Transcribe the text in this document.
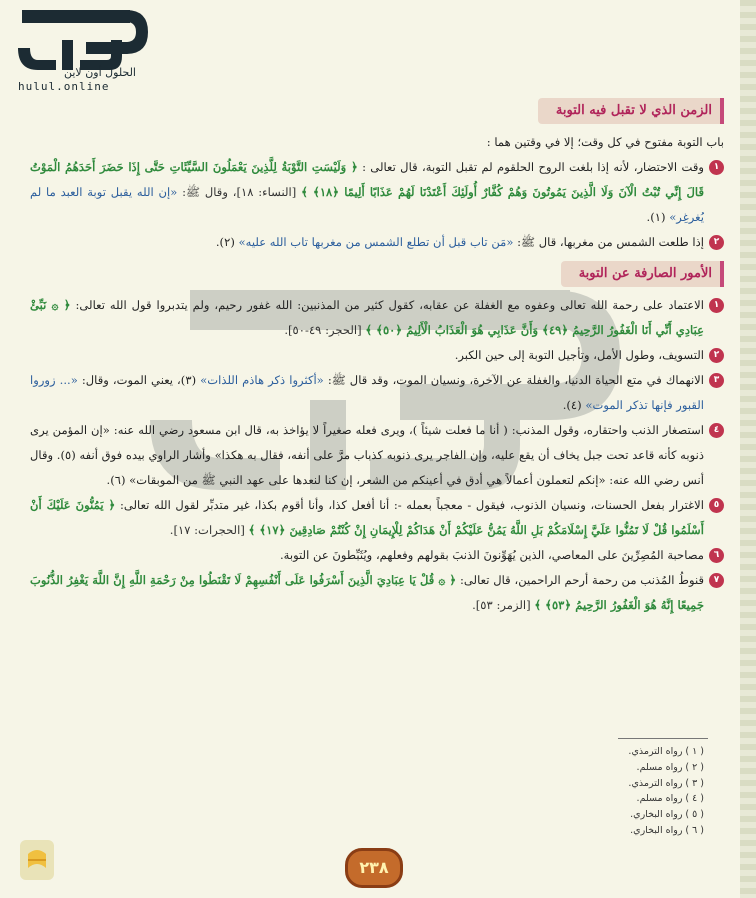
الحلول أون لاين
hulul.online
الزمن الذي لا تقبل فيه التوبة

باب التوبة مفتوح في كل وقت؛ إلا في وقتين هما :

١
وقت الاحتضار، لأنه إذا بلغت الروح الحلقوم لم تقبل التوبة، قال تعالى : ﴿ وَلَيْسَتِ التَّوْبَةُ لِلَّذِينَ يَعْمَلُونَ السَّيِّئَاتِ حَتَّى إِذَا حَضَرَ أَحَدَهُمُ الْمَوْتُ قَالَ إِنِّي تُبْتُ الْآنَ وَلَا الَّذِينَ يَمُوتُونَ وَهُمْ كُفَّارٌ أُولَئِكَ أَعْتَدْنَا لَهُمْ عَذَابًا أَلِيمًا ﴿١٨﴾ ﴾ [النساء: ١٨]، وقال ﷺ: «إن الله يقبل توبة العبد ما لم يُغرغِر» (١).

٢
إذا طلعت الشمس من مغربها، قال ﷺ: «مَن تاب قبل أن تطلع الشمس من مغربها تاب الله عليه» (٢).

الأمور الصارفة عن التوبة

١
الاعتماد على رحمة الله تعالى وعفوه مع الغفلة عن عقابه، كقول كثير من المذنبين: الله غفور رحيم، ولم يتدبروا قول الله تعالى: ﴿ ۞ نَبِّئْ عِبَادِي أَنِّي أَنَا الْغَفُورُ الرَّحِيمُ ﴿٤٩﴾ وَأَنَّ عَذَابِي هُوَ الْعَذَابُ الْأَلِيمُ ﴿٥٠﴾ ﴾ [الحجر: ٤٩-٥٠].

٢
التسويف، وطول الأمل، وتأجيل التوبة إلى حين الكبر.

٣
الانهماك في متع الحياة الدنيا، والغفلة عن الآخرة، ونسيان الموت، وقد قال ﷺ: «أكثروا ذكر هاذم اللذات» (٣)، يعني الموت، وقال: «... زوروا القبور فإنها تذكر الموت» (٤).

٤
استصغار الذنب واحتقاره، وقول المذنب: ( أنا ما فعلت شيئاً )، ويرى فعله صغيراً لا يؤاخذ به، قال ابن مسعود رضي الله عنه: «إن المؤمن يرى ذنوبه كأنه قاعد تحت جبل يخاف أن يقع عليه، وإن الفاجر يرى ذنوبه كذباب مرَّ على أنفه، فقال به هكذا» وأشار الراوي بيده فوق أنفه (٥). وقال أنس رضي الله عنه: «إنكم لتعملون أعمالاً هي أدق في أعينكم من الشعر، إن كنا لنعدها على عهد النبي ﷺ من الموبقات» (٦).

٥
الاغترار بفعل الحسنات، ونسيان الذنوب، فيقول - معجباً بعمله -: أنا أفعل كذا، وأنا أقوم بكذا، غير متدبِّر لقول الله تعالى: ﴿ يَمُنُّونَ عَلَيْكَ أَنْ أَسْلَمُوا قُلْ لَا تَمُنُّوا عَلَيَّ إِسْلَامَكُمْ بَلِ اللَّهُ يَمُنُّ عَلَيْكُمْ أَنْ هَدَاكُمْ لِلْإِيمَانِ إِنْ كُنْتُمْ صَادِقِينَ ﴿١٧﴾ ﴾ [الحجرات: ١٧].

٦
مصاحبة المُصِرِّينَ على المعاصي، الذين يُهَوِّنونَ الذنبَ بقولهم وفعلهم، ويُثَبِّطونَ عن التوبة.

٧
قنوطُ المُذنب من رحمة أرحم الراحمين، قال تعالى: ﴿ ۞ قُلْ يَا عِبَادِيَ الَّذِينَ أَسْرَفُوا عَلَى أَنْفُسِهِمْ لَا تَقْنَطُوا مِنْ رَحْمَةِ اللَّهِ إِنَّ اللَّهَ يَغْفِرُ الذُّنُوبَ جَمِيعًا إِنَّهُ هُوَ الْغَفُورُ الرَّحِيمُ ﴿٥٣﴾ ﴾ [الزمر: ٥٣].

( ١ ) رواه الترمذي.
( ٢ ) رواه مسلم.
( ٣ ) رواه الترمذي.
( ٤ ) رواه مسلم.
( ٥ ) رواه البخاري.
( ٦ ) رواه البخاري.
٢٣٨
